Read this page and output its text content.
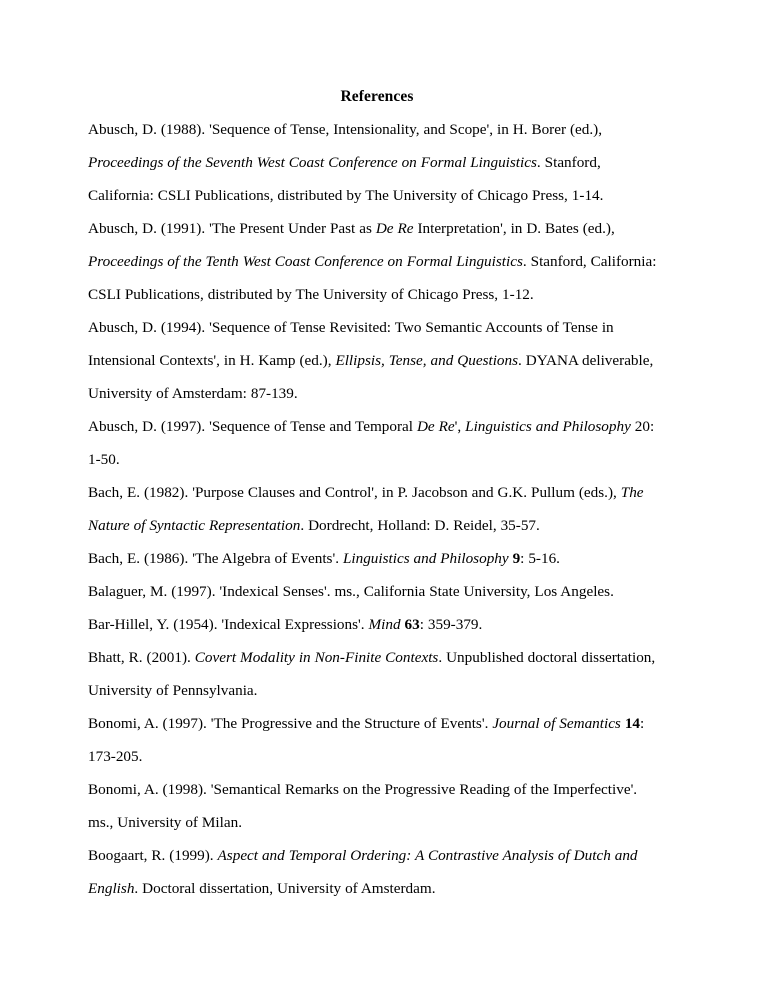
References

Abusch, D. (1988). 'Sequence of Tense, Intensionality, and Scope', in H. Borer (ed.), Proceedings of the Seventh West Coast Conference on Formal Linguistics. Stanford, California: CSLI Publications, distributed by The University of Chicago Press, 1-14.

Abusch, D. (1991). 'The Present Under Past as De Re Interpretation', in D. Bates (ed.), Proceedings of the Tenth West Coast Conference on Formal Linguistics. Stanford, California: CSLI Publications, distributed by The University of Chicago Press, 1-12.

Abusch, D. (1994). 'Sequence of Tense Revisited: Two Semantic Accounts of Tense in Intensional Contexts', in H. Kamp (ed.), Ellipsis, Tense, and Questions. DYANA deliverable, University of Amsterdam: 87-139.

Abusch, D. (1997). 'Sequence of Tense and Temporal De Re', Linguistics and Philosophy 20: 1-50.

Bach, E. (1982). 'Purpose Clauses and Control', in P. Jacobson and G.K. Pullum (eds.), The Nature of Syntactic Representation. Dordrecht, Holland: D. Reidel, 35-57.

Bach, E. (1986). 'The Algebra of Events'. Linguistics and Philosophy 9: 5-16.

Balaguer, M. (1997). 'Indexical Senses'. ms., California State University, Los Angeles.

Bar-Hillel, Y. (1954). 'Indexical Expressions'. Mind 63: 359-379.

Bhatt, R. (2001). Covert Modality in Non-Finite Contexts. Unpublished doctoral dissertation, University of Pennsylvania.

Bonomi, A. (1997). 'The Progressive and the Structure of Events'. Journal of Semantics 14: 173-205.

Bonomi, A. (1998). 'Semantical Remarks on the Progressive Reading of the Imperfective'. ms., University of Milan.

Boogaart, R. (1999). Aspect and Temporal Ordering: A Contrastive Analysis of Dutch and English. Doctoral dissertation, University of Amsterdam.
